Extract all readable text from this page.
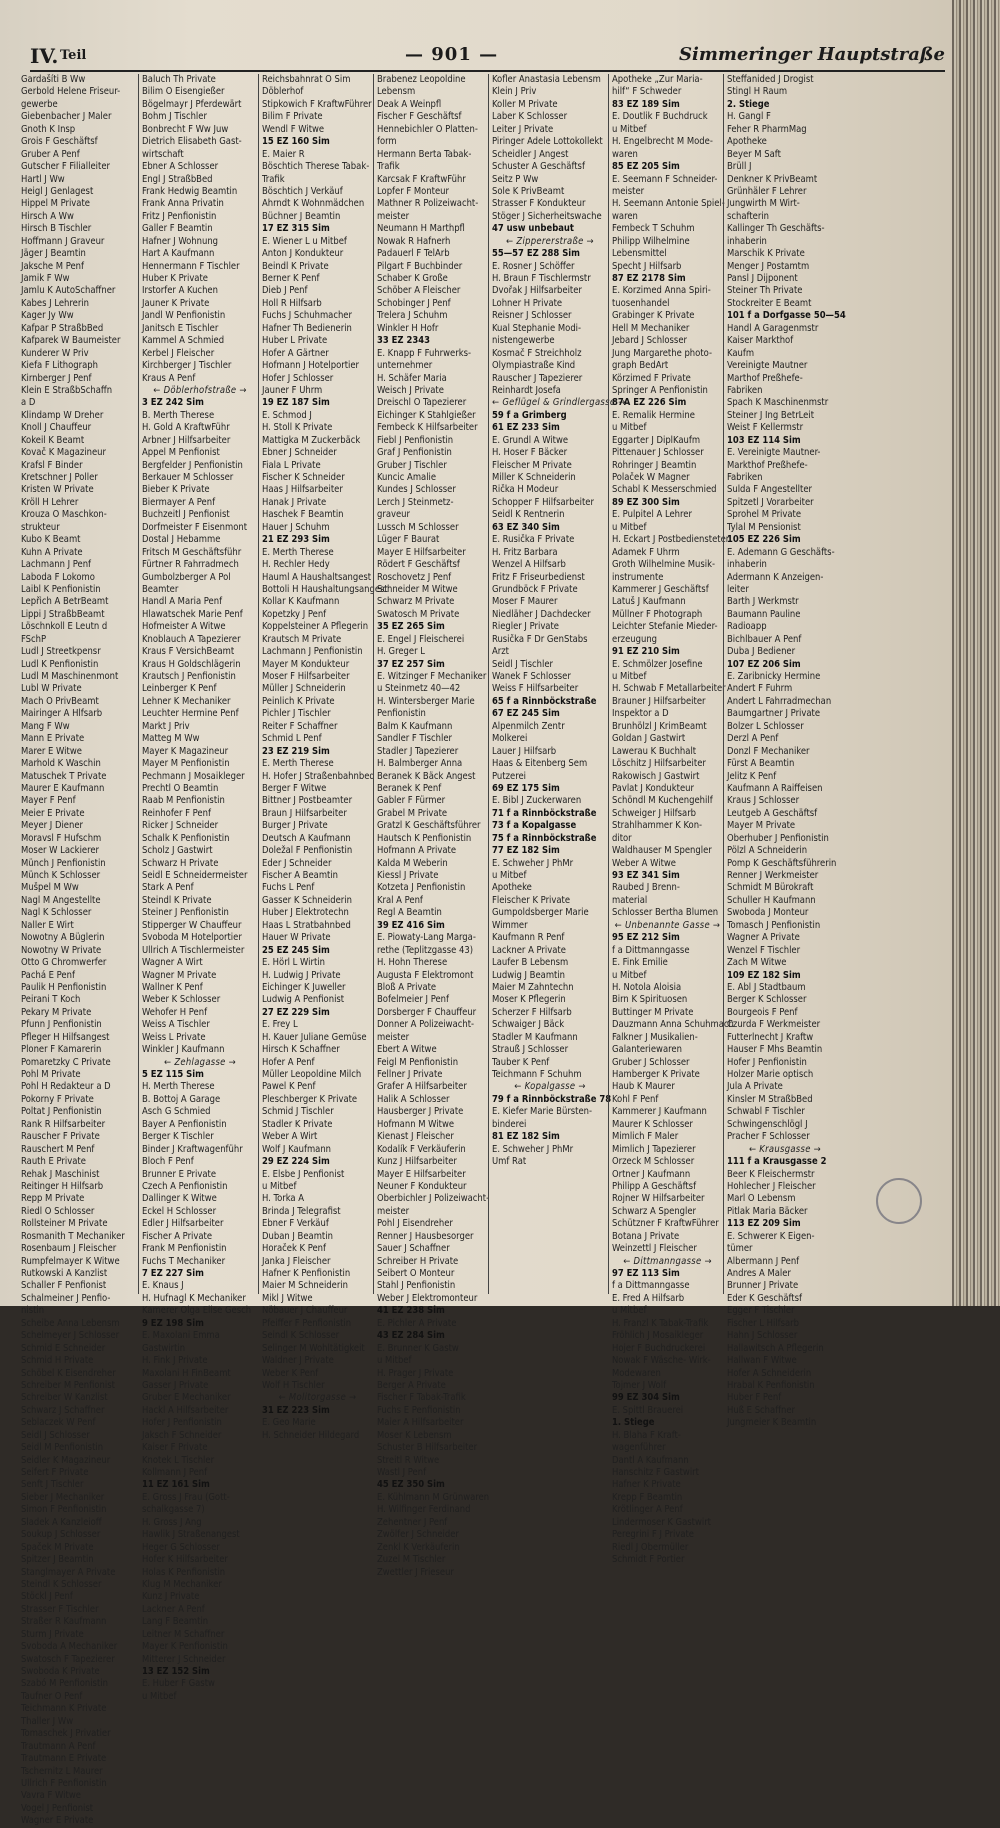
IV. Teil	— 901 —	Simmeringer Hauptstraße
Gardašíti B Ww
Gerbold Helene Friseur-
gewerbe
Giebenbacher J Maler
Gnoth K Insp
Grois F Geschäftsf
Gruber A Penf
Gutscher F Filialleiter
Hartl J Ww
Heigl J Genlagest
Hippel M Private
Hirsch A Ww
Hirsch B Tischler
Hoffmann J Graveur
Jäger J Beamtin
Jaksche M Penf
Jamik F Ww
Jamlu K AutoSchaffner
Kabes J Lehrerin
Kager Jy Ww
Kafpar P StraßbBed
Kafparek W Baumeister
Kunderer W Priv
Kiefa F Lithograph
Kirnberger J Penf
Klein E StraßbSchaffn
a D
Klindamp W Dreher
Knoll J Chauffeur
Kokeil K Beamt
Kovač K Magazineur
Krafsl F Binder
Kretschner J Poller
Kristen W Private
Kröll H Lehrer
Krouza O Maschkon-
strukteur
Kubo K Beamt
Kuhn A Private
Lachmann J Penf
Laboda F Lokomo
Laibl K Penfionistin
Lepřich A BetrBeamt
Lippi J StraßbBeamt
Löschnkoll E Leutn d
FSchP
Ludl J Streetkpensr
Ludl K Penfionistin
Ludl M Maschinenmont
Lubl W Private
Mach O PrivBeamt
Mairinger A Hlfsarb
Mang F Ww
Mann E Private
Marer E Witwe
Marhold K Waschin
Matuschek T Private
Maurer E Kaufmann
Mayer F Penf
Meier E Private
Meyer J Diener
Moravsl F Hufschm
Moser W Lackierer
Münch J Penfionistin
Münch K Schlosser
Mušpel M Ww
Nagl M Angestellte
Nagl K Schlosser
Naller E Wirt
Nowotny A Büglerin
Nowotny W Private
Otto G Chromwerfer
Pachá E Penf
Paulik H Penfionistin
Peirani T Koch
Pekary M Private
Pfunn J Penfionistin
Pfleger H Hilfsangest
Ploner F Kamarerin
Pomaretzky C Private
Pohl M Private
Pohl H Redakteur a D
Pokorny F Private
Poltat J Penfionistin
Rank R Hilfsarbeiter
Rauscher F Private
Rauschert M Penf
Rauth E Private
Rehak J Maschinist
Reitinger H Hilfsarb
Repp M Private
Riedl O Schlosser
Rollsteiner M Private
Rosmanith T Mechaniker
Rosenbaum J Fleischer
Rumpfelmayer K Witwe
Rutkowski A Kanzlist
Schaller F Penfionist
Schalmeiner J Penfio-
nistin
Scheibe Anna Lebensm
Schelmeyer J Schlosser
Schmid E Schneider
Schmid H Private
Schöbel K Eisendreher
Schreiber M Penfionist
Schreiber W Kanzlist
Schwarz J Schaffner
Seblaczek W Penf
Seidl J Schlosser
Seidl M Penfionistin
Seidler K Magazineur
Seifert F Private
Senft J Tischler
Sieber J Mechaniker
Simon F Penfionistin
Sladek A Kanzleioff
Soukup J Schlosser
Spaček M Private
Spitzer J Beamtin
Stanglmayer A Private
Steindl K Schlosser
Stöckl J Penf
Strasser F Tischler
Straßer R Kaufmann
Sturm J Private
Svoboda A Mechaniker
Swatosch F Tapezierer
Swoboda K Private
Szabó M Penfionistin
Taufner O Penf
Teichmann K Private
Thaller J Ww
Tomaschek J Privatier
Trautmann A Penf
Trautmann E Private
Tschernitz L Maurer
Ullrich F Penfionistin
Vavra F Witwe
Vogel J Penfionist
Wagner E Private
Baluch Th Private
Bilim O Eisengießer
Bögelmayr J Pferdewärt
Bohm J Tischler
Bonbrecht F Ww Juw
Dietrich Elisabeth Gast-
wirtschaft
Ebner A Schlosser
Engl J StraßbBed
Frank Hedwig Beamtin
Frank Anna Privatin
Fritz J Penfionistin
Galler F Beamtin
Hafner J Wohnung
Hart A Kaufmann
Hennermann F Tischler
Huber K Private
Irstorfer A Kuchen
Jauner K Private
Jandl W Penfionistin
Janitsch E Tischler
Kammel A Schmied
Kerbel J Fleischer
Kirchberger J Tischler
Kraus A Penf
← Döblerhofstraße →
3 EZ 242 Sim
B. Merth Therese
H. Gold A KraftwFühr
Arbner J Hilfsarbeiter
Appel M Penfionist
Bergfelder J Penfionistin
Berkauer M Schlosser
Bieber K Private
Biermayer A Penf
Buchzeitl J Penfionist
Dorfmeister F Eisenmont
Dostal J Hebamme
Fritsch M Geschäftsführ
Fürtner R Fahrradmech
Gumbolzberger A Pol
Beamter
Handl A Maria Penf
Hlawatschek Marie Penf
Hofmeister A Witwe
Knoblauch A Tapezierer
Kraus F VersichBeamt
Kraus H Goldschlägerin
Krautsch J Penfionistin
Leinberger K Penf
Lehner K Mechaniker
Leuchter Hermine Penf
Markt J Priv
Matteg M Ww
Mayer K Magazineur
Mayer M Penfionistin
Pechmann J Mosaikleger
Prechtl O Beamtin
Raab M Penfionistin
Reinhofer F Penf
Ricker J Schneider
Schalk K Penfionistin
Scholz J Gastwirt
Schwarz H Private
Seidl E Schneidermeister
Stark A Penf
Steindl K Private
Steiner J Penfionistin
Stipperger W Chauffeur
Svoboda M Hotelportier
Ullrich A Tischlermeister
Wagner A Wirt
Wagner M Private
Wallner K Penf
Weber K Schlosser
Wehofer H Penf
Weiss A Tischler
Weiss L Private
Winkler J Kaufmann
← Zehlagasse →
5 EZ 115 Sim
H. Merth Therese
B. Bottoj A Garage
Asch G Schmied
Bayer A Penfionistin
Berger K Tischler
Binder J Kraftwagenführ
Bloch F Penf
Brunner E Private
Czech A Penfionistin
Dallinger K Witwe
Eckel H Schlosser
Edler J Hilfsarbeiter
Fischer A Private
Frank M Penfionistin
Fuchs T Mechaniker
7 EZ 227 Sim
E. Knaus J
H. Hufnagl K Mechaniker
Kamerer Olga Elise Gesch
9 EZ 198 Sim
E. Maxolani Emma
Gastwirtin
H. Fink J Private
Maxolani H FinBeamt
Gasser J Private
Gruber E Mechaniker
Hackl A Hilfsarbeiter
Hofer J Penfionistin
Jaksch F Schneider
Kaiser F Private
Knotek L Tischler
Kollmann J Penf
11 EZ 161 Sim
E. Gross J Frau (Gott-
schalkgasse 7)
H. Gross J Ang
Hawlik J Straßenangest
Heger G Schlosser
Hofer K Hilfsarbeiter
Holas K Penfionistin
Klug M Mechaniker
Kunz J Private
Lackner A Penf
Lang F Beamtin
Leitner M Schaffner
Mayer K Penfionistin
Mitterer J Schneider
13 EZ 152 Sim
E. Huber F Gastw
u Mitbef
Reichsbahnrat O Sim
Döblerhof
Stipkowich F KraftwFührer
Bilim F Private
Wendl F Witwe
15 EZ 160 Sim
E. Maier R
Böschtich Therese Tabak-
Trafik
Böschtich J Verkäuf
Ahrndt K Wohnmädchen
Büchner J Beamtin
17 EZ 315 Sim
E. Wiener L u Mitbef
Anton J Kondukteur
Beindl K Private
Berner K Penf
Dieb J Penf
Holl R Hilfsarb
Fuchs J Schuhmacher
Hafner Th Bedienerin
Huber L Private
Hofer A Gärtner
Hofmann J Hotelportier
Hofer J Schlosser
Jauner F Uhrm
19 EZ 187 Sim
E. Schmod J
H. Stoll K Private
Mattigka M Zuckerbäck
Ebner J Schneider
Fiala L Private
Fischer K Schneider
Haas J Hilfsarbeiter
Hanak J Private
Haschek F Beamtin
Hauer J Schuhm
21 EZ 293 Sim
E. Merth Therese
H. Rechler Hedy
Hauml A Haushaltsangest
Bottoli H Haushaltungsangest
Kollar K Kaufmann
Kopetzky J Penf
Koppelsteiner A Pflegerin
Krautsch M Private
Lachmann J Penfionistin
Mayer M Kondukteur
Moser F Hilfsarbeiter
Müller J Schneiderin
Peinlich K Private
Pichler J Tischler
Reiter F Schaffner
Schmid L Penf
23 EZ 219 Sim
E. Merth Therese
H. Hofer J Straßenbahnbed
Berger F Witwe
Bittner J Postbeamter
Braun J Hilfsarbeiter
Burger J Private
Deutsch A Kaufmann
Doležal F Penfionistin
Eder J Schneider
Fischer A Beamtin
Fuchs L Penf
Gasser K Schneiderin
Huber J Elektrotechn
Haas L Stratbahnbed
Hauer W Private
25 EZ 245 Sim
E. Hörl L Wirtin
H. Ludwig J Private
Eichinger K Juweller
Ludwig A Penfionist
27 EZ 229 Sim
E. Frey L
H. Kauer Juliane Gemüse
Hirsch K Schaffner
Hofer A Penf
Müller Leopoldine Milch
Pawel K Penf
Pleschberger K Private
Schmid J Tischler
Stadler K Private
Weber A Wirt
Wolf J Kaufmann
29 EZ 224 Sim
E. Elsbe J Penfionist
u Mitbef
H. Torka A
Brinda J Telegrafist
Ebner F Verkäuf
Duban J Beamtin
Horaček K Penf
Janka J Fleischer
Hafner K Penfionistin
Maier M Schneiderin
Mikl J Witwe
Nöbauer J Chauffeur
Pfeiffer F Penfionistin
Seindl K Schlosser
Selinger M Wohltätigkeit
Waldner J Private
Weber K Penf
Wolf H Tischler
← Molitorgasse →
31 EZ 223 Sim
E. Geo Marie
H. Schneider Hildegard
Brabenez Leopoldine
Lebensm
Deak A Weinpfl
Fischer F Geschäftsf
Hennebichler O Platten-
form
Hermann Berta Tabak-
Trafik
Karcsak F KraftwFühr
Lopfer F Monteur
Mathner R Polizeiwacht-
meister
Neumann H Marthpfl
Nowak R Hafnerh
Padauerl F TelArb
Pilgart F Buchbinder
Schaber K Große
Schöber A Fleischer
Schobinger J Penf
Trelera J Schuhm
Winkler H Hofr
33 EZ 2343
E. Knapp F Fuhrwerks-
unternehmer
H. Schäfer Maria
Weisch J Private
Dreischl O Tapezierer
Eichinger K Stahlgießer
Fembeck K Hilfsarbeiter
Fiebl J Penfionistin
Graf J Penfionistin
Gruber J Tischler
Kuncic Amalie
Kundes J Schlosser
Lerch J Steinmetz-
graveur
Lussch M Schlosser
Lüger F Baurat
Mayer E Hilfsarbeiter
Rödert F Geschäftsf
Roschovetz J Penf
Schneider M Witwe
Schwarz M Private
Swatosch M Private
35 EZ 265 Sim
E. Engel J Fleischerei
H. Greger L
37 EZ 257 Sim
E. Witzinger F Mechaniker
u Steinmetz 40—42
H. Wintersberger Marie
Penfionistin
Balm K Kaufmann
Sandler F Tischler
Stadler J Tapezierer
H. Balmberger Anna
Beranek K Bäck Angest
Beranek K Penf
Gabler F Fürmer
Grabel M Private
Gratzl K Geschäftsführer
Hautsch K Penfionistin
Hofmann A Private
Kalda M Weberin
Kiessl J Private
Kotzeta J Penfionistin
Kral A Penf
Regl A Beamtin
39 EZ 416 Sim
E. Piowaty-Lang Marga-
rethe (Teplitzgasse 43)
H. Hohn Therese
Augusta F Elektromont
Bloß A Private
Bofelmeier J Penf
Dorsberger F Chauffeur
Donner A Polizeiwacht-
meister
Ebert A Witwe
Feigl M Penfionistin
Fellner J Private
Grafer A Hilfsarbeiter
Halik A Schlosser
Hausberger J Private
Hofmann M Witwe
Kienast J Fleischer
Kodalík F Verkäuferin
Kunz J Hilfsarbeiter
Mayer E Hilfsarbeiter
Neuner F Kondukteur
Oberbichler J Polizeiwacht-
meister
Pohl J Eisendreher
Renner J Hausbesorger
Sauer J Schaffner
Schreiber H Private
Seibert O Monteur
Stahl J Penfionistin
Weber J Elektromonteur
41 EZ 238 Sim
E. Pichler A Private
43 EZ 284 Sim
E. Brunner K Gastw
u Mitbef
H. Prager J Private
Berger A Private
Fischer F Tabak-Trafik
Fuchs E Penfionistin
Maier A Hilfsarbeiter
Moser K Lebensm
Schuster B Hilfsarbeiter
Streitl R Witwe
Wastl J Penf
45 EZ 350 Sim
E. Kühlmann M Grünwaren
H. Wilfinger Ferdinand
Zehentner J Penf
Zwölfer J Schneider
Zenkl K Verkäuferin
Zuzel M Tischler
Zwettler J Frieseur
Kofler Anastasia Lebensm
Klein J Priv
Koller M Private
Laber K Schlosser
Leiter J Private
Piringer Adele Lottokollekt
Scheidler J Angest
Schuster A Geschäftsf
Seitz P Ww
Sole K PrivBeamt
Strasser F Kondukteur
Stöger J Sicherheitswache
47 usw unbebaut
← Zippererstraße →
55—57 EZ 288 Sim
E. Rosner J Schöffer
H. Braun F Tischlermstr
Dvořak J Hilfsarbeiter
Lohner H Private
Reisner J Schlosser
Kual Stephanie Modi-
nistengewerbe
Kosmač F Streichholz
Olympiastraße Kind
Rauscher J Tapezierer
Reinhardt Josefa
← Geflügel & Grindlergasse →
59 f a Grimberg
61 EZ 233 Sim
E. Grundl A Witwe
H. Hoser F Bäcker
Fleischer M Private
Miller K Schneiderin
Rička H Modeur
Schopper F Hilfsarbeiter
Seidl K Rentnerin
63 EZ 340 Sim
E. Rusička F Private
H. Fritz Barbara
Wenzel A Hilfsarb
Fritz F Friseurbedienst
Grundböck F Private
Moser F Maurer
Niedläher J Dachdecker
Riegler J Private
Rusička F Dr GenStabs
Arzt
Seidl J Tischler
Wanek F Schlosser
Weiss F Hilfsarbeiter
65 f a Rinnböckstraße
67 EZ 245 Sim
Alpenmilch Zentr
Molkerei
Lauer J Hilfsarb
Haas & Eitenberg Sem
Putzerei
69 EZ 175 Sim
E. Bibl J Zuckerwaren
71 f a Rinnböckstraße
73 f a Kopalgasse
75 f a Rinnböckstraße
77 EZ 182 Sim
E. Schweher J PhMr
u Mitbef
Apotheke
Fleischer K Private
Gumpoldsberger Marie
Wimmer
Kaufmann R Penf
Lackner A Private
Laufer B Lebensm
Ludwig J Beamtin
Maier M Zahntechn
Moser K Pflegerin
Scherzer F Hilfsarb
Schwaiger J Bäck
Stadler M Kaufmann
Strauß J Schlosser
Tauber K Penf
Teichmann F Schuhm
← Kopalgasse →
79 f a Rinnböckstraße 78
E. Kiefer Marie Bürsten-
binderei
81 EZ 182 Sim
E. Schweher J PhMr
Umf Rat
Apotheke „Zur Maria-
hilf“ F Schweder
83 EZ 189 Sim
E. Doutlik F Buchdruck
u Mitbef
H. Engelbrecht M Mode-
waren
85 EZ 205 Sim
E. Seemann F Schneider-
meister
H. Seemann Antonie Spiel-
waren
Fembeck T Schuhm
Philipp Wilhelmine
Lebensmittel
Specht J Hilfsarb
87 EZ 2178 Sim
E. Korzimed Anna Spiri-
tuosenhandel
Grabinger K Private
Hell M Mechaniker
Jebard J Schlosser
Jung Margarethe photo-
graph BedArt
Körzimed F Private
Springer A Penfionistin
87A EZ 226 Sim
E. Remalik Hermine
u Mitbef
Eggarter J DiplKaufm
Pittenauer J Schlosser
Rohringer J Beamtin
Polaček W Magner
Schabl K Messerschmied
89 EZ 300 Sim
E. Pulpitel A Lehrer
u Mitbef
H. Eckart J Postbediensteter
Adamek F Uhrm
Groth Wilhelmine Musik-
instrumente
Kammerer J Geschäftsf
Latuš J Kaufmann
Müllner F Photograph
Leichter Stefanie Mieder-
erzeugung
91 EZ 210 Sim
E. Schmölzer Josefine
u Mitbef
H. Schwab F Metallarbeiter
Brauner J Hilfsarbeiter
Inspektor a D
Brunhölzl J KrimBeamt
Goldan J Gastwirt
Lawerau K Buchhalt
Löschitz J Hilfsarbeiter
Rakowisch J Gastwirt
Pavlat J Kondukteur
Schöndl M Kuchengehilf
Schweiger J Hilfsarb
Strahlhammer K Kon-
ditor
Waldhauser M Spengler
Weber A Witwe
93 EZ 341 Sim
Raubed J Brenn-
material
Schlosser Bertha Blumen
← Unbenannte Gasse →
95 EZ 212 Sim
f a Dittmanngasse
E. Fink Emilie
u Mitbef
H. Notola Aloisia
Birn K Spirituosen
Buttinger M Private
Dauzmann Anna Schuhmach
Falkner J Musikalien-
Galanteriewaren
Gruber J Schlosser
Hamberger K Private
Haub K Maurer
Kohl F Penf
Kammerer J Kaufmann
Maurer K Schlosser
Mimlich F Maler
Mimlich J Tapezierer
Orzeck M Schlosser
Ortner J Kaufmann
Philipp A Geschäftsf
Rojner W Hilfsarbeiter
Schwarz A Spengler
Schützner F KraftwFührer
Botana J Private
Weinzettl J Fleischer
← Dittmanngasse →
97 EZ 113 Sim
f a Dittmanngasse
E. Fred A Hilfsarb
u Mitbef
H. Franzl K Tabak-Trafik
Fröhlich J Mosaikleger
Hojer F Buchdruckerei
Nowak F Wäsche- Wirk-
Modewaren
Tojmer J Wolf
99 EZ 304 Sim
E. Spittl Brauerei
1. Stiege
H. Blaha F Kraft-
wagenführer
Dantl A Kaufmann
Hanschitz F Gastwirt
Hafner K Private
Krepp F Beamtin
Krötlinger A Penf
Lindermoser K Gastwirt
Peregrini F J Private
Riedl J Obermüller
Schmidt F Portier
Steffanided J Drogist
Stingl H Raum
2. Stiege
H. Gangl F
Feher R PharmMag
Apotheke
Beyer M Saft
Brüll J
Denkner K PrivBeamt
Grünhäler F Lehrer
Jungwirth M Wirt-
schafterin
Kallinger Th Geschäfts-
inhaberin
Marschik K Private
Menger J Postamtm
Pansl J Dijponent
Steiner Th Private
Stockreiter E Beamt
101 f a Dorfgasse 50—54
Handl A Garagenmstr
Kaiser Markthof
Kaufm
Vereinigte Mautner
Marthof Preßhefe-
Fabriken
Spach K Maschinenmstr
Steiner J Ing BetrLeit
Weist F Kellermstr
103 EZ 114 Sim
E. Vereinigte Mautner-
Markthof Preßhefe-
Fabriken
Sulda F Angestellter
Spitzetl J Vorarbeiter
Sprohel M Private
Tylal M Pensionist
105 EZ 226 Sim
E. Ademann G Geschäfts-
inhaberin
Adermann K Anzeigen-
leiter
Barth J Werkmstr
Baumann Pauline
Radioapp
Bichlbauer A Penf
Duba J Bediener
107 EZ 206 Sim
E. Zaribnicky Hermine
Andert F Fuhrm
Andert L Fahrradmechan
Baumgartner J Private
Bolzer L Schlosser
Derzl A Penf
Donzl F Mechaniker
Fürst A Beamtin
Jelitz K Penf
Kaufmann A Raiffeisen
Kraus J Schlosser
Leutgeb A Geschäftsf
Mayer M Private
Oberhuber J Penfionistin
Pölzl A Schneiderin
Pomp K Geschäftsführerin
Renner J Werkmeister
Schmidt M Bürokraft
Schuller H Kaufmann
Swoboda J Monteur
Tomasch J Penfionistin
Wagner A Private
Wenzel F Tischler
Zach M Witwe
109 EZ 182 Sim
E. Abl J Stadtbaum
Berger K Schlosser
Bourgeois F Penf
Czurda F Werkmeister
Futterlnecht J Kraftw
Hauser F Mhs Beamtin
Hofer J Penfionistin
Holzer Marie optisch
Jula A Private
Kinsler M StraßbBed
Schwabl F Tischler
Schwingenschlögl J
Pracher F Schlosser
← Krausgasse →
111 f a Krausgasse 2
Beer K Fleischermstr
Hohlecher J Fleischer
Marl O Lebensm
Pitlak Maria Bäcker
113 EZ 209 Sim
E. Schwerer K Eigen-
tümer
Albermann J Penf
Andres A Maler
Brunner J Private
Eder K Geschäftsf
Egger F Tischler
Fischer L Hilfsarb
Hahn J Schlosser
Hallawitsch A Pflegerin
Hallwan F Witwe
Hofer A Schneiderin
Hrabal K Penfionistin
Huber F Penf
Huß E Schaffner
Jungmeier K Beamtin
